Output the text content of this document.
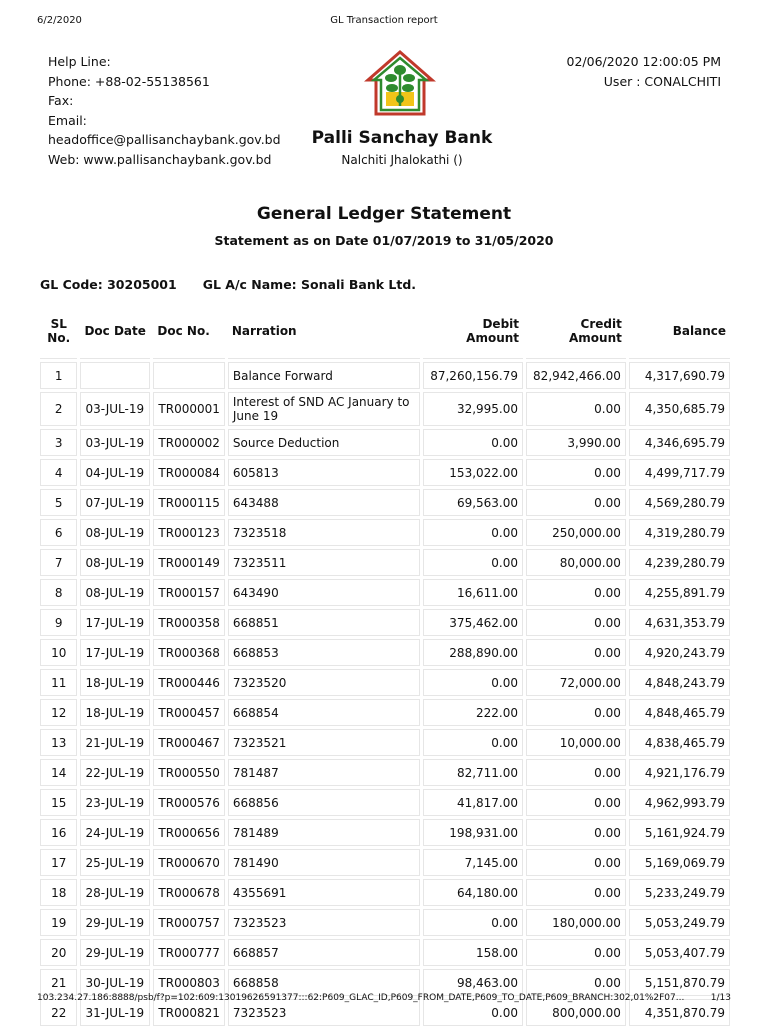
6/2/2020	GL Transaction report
Help Line:
Phone: +88-02-55138561
Fax:
Email:
headoffice@pallisanchaybank.gov.bd
Web: www.pallisanchaybank.gov.bd
02/06/2020 12:00:05 PM
User : CONALCHITI
Palli Sanchay Bank
Nalchiti Jhalokathi ()
General Ledger Statement
Statement as on Date 01/07/2019 to 31/05/2020
GL Code: 30205001 GL A/c Name: Sonali Bank Ltd.
SL No.	Doc Date	Doc No.	Narration	Debit Amount	Credit Amount	Balance
1			Balance Forward	87,260,156.79	82,942,466.00	4,317,690.79
2	03-JUL-19	TR000001	Interest of SND AC January to June 19	32,995.00	0.00	4,350,685.79
3	03-JUL-19	TR000002	Source Deduction	0.00	3,990.00	4,346,695.79
4	04-JUL-19	TR000084	605813	153,022.00	0.00	4,499,717.79
5	07-JUL-19	TR000115	643488	69,563.00	0.00	4,569,280.79
6	08-JUL-19	TR000123	7323518	0.00	250,000.00	4,319,280.79
7	08-JUL-19	TR000149	7323511	0.00	80,000.00	4,239,280.79
8	08-JUL-19	TR000157	643490	16,611.00	0.00	4,255,891.79
9	17-JUL-19	TR000358	668851	375,462.00	0.00	4,631,353.79
10	17-JUL-19	TR000368	668853	288,890.00	0.00	4,920,243.79
11	18-JUL-19	TR000446	7323520	0.00	72,000.00	4,848,243.79
12	18-JUL-19	TR000457	668854	222.00	0.00	4,848,465.79
13	21-JUL-19	TR000467	7323521	0.00	10,000.00	4,838,465.79
14	22-JUL-19	TR000550	781487	82,711.00	0.00	4,921,176.79
15	23-JUL-19	TR000576	668856	41,817.00	0.00	4,962,993.79
16	24-JUL-19	TR000656	781489	198,931.00	0.00	5,161,924.79
17	25-JUL-19	TR000670	781490	7,145.00	0.00	5,169,069.79
18	28-JUL-19	TR000678	4355691	64,180.00	0.00	5,233,249.79
19	29-JUL-19	TR000757	7323523	0.00	180,000.00	5,053,249.79
20	29-JUL-19	TR000777	668857	158.00	0.00	5,053,407.79
21	30-JUL-19	TR000803	668858	98,463.00	0.00	5,151,870.79
22	31-JUL-19	TR000821	7323523	0.00	800,000.00	4,351,870.79
103.234.27.186:8888/psb/f?p=102:609:13019626591377:::62:P609_GLAC_ID,P609_FROM_DATE,P609_TO_DATE,P609_BRANCH:302,01%2F07...	1/13
